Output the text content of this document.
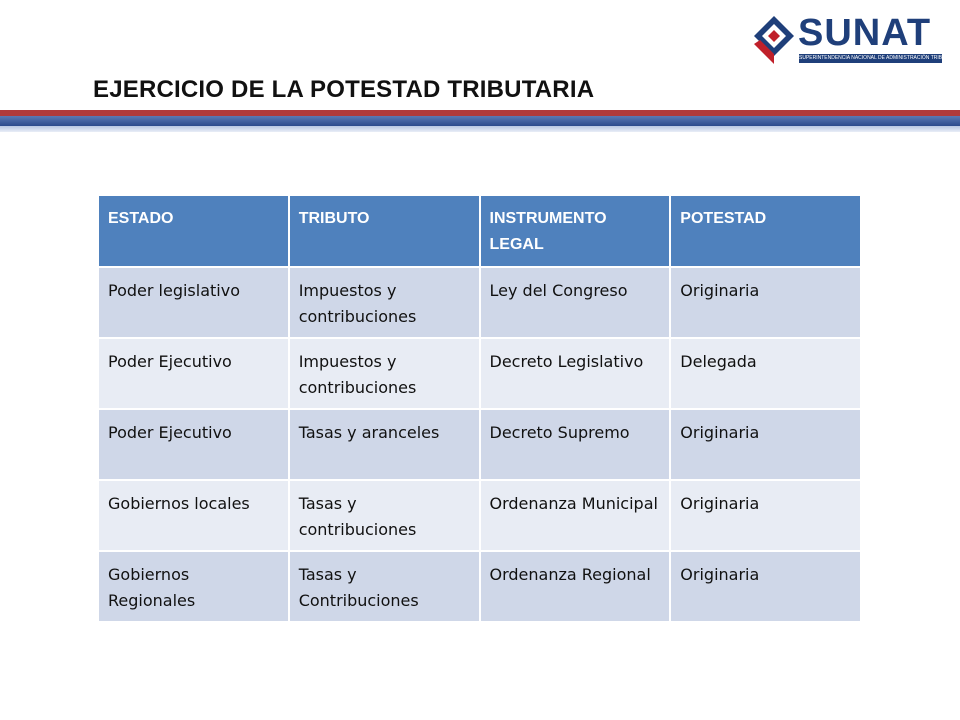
SUNAT
SUPERINTENDENCIA NACIONAL DE ADMINISTRACIÓN TRIBUTARIA
EJERCICIO DE LA POTESTAD TRIBUTARIA
ESTADO	TRIBUTO	INSTRUMENTO LEGAL	POTESTAD
Poder legislativo	Impuestos y contribuciones	Ley del Congreso	Originaria
Poder Ejecutivo	Impuestos y contribuciones	Decreto Legislativo	Delegada
Poder Ejecutivo	Tasas y aranceles	Decreto Supremo	Originaria
Gobiernos locales	Tasas y contribuciones	Ordenanza Municipal	Originaria
Gobiernos Regionales	Tasas y Contribuciones	Ordenanza Regional	Originaria
